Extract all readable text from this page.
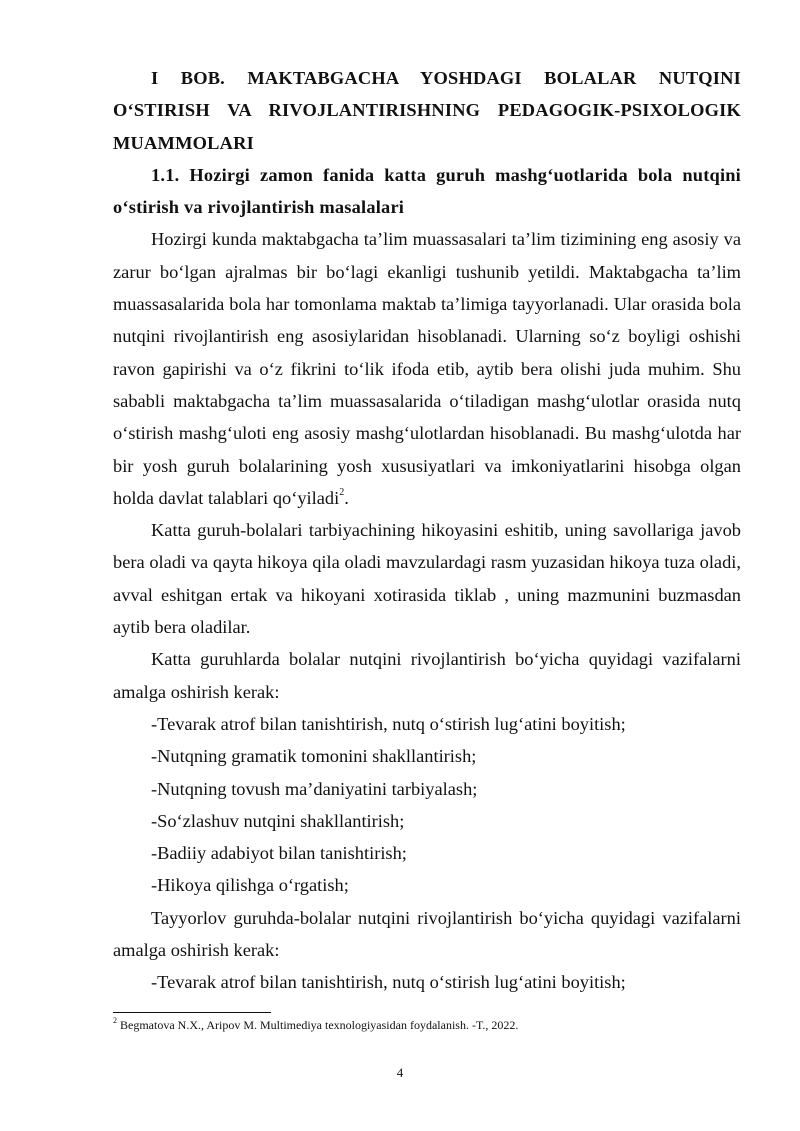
I BOB. MAKTABGACHA YOSHDAGI BOLALAR NUTQINI O‘STIRISH VA RIVOJLANTIRISHNING PEDAGOGIK-PSIXOLOGIK MUAMMOLARI

1.1. Hozirgi zamon fanida katta guruh mashg‘uotlarida bola nutqini o‘stirish va rivojlantirish masalalari

Hozirgi kunda maktabgacha ta’lim muassasalari ta’lim tizimining eng asosiy va zarur bo‘lgan ajralmas bir bo‘lagi ekanligi tushunib yetildi. Maktabgacha ta’lim muassasalarida bola har tomonlama maktab ta’limiga tayyorlanadi. Ular orasida bola nutqini rivojlantirish eng asosiylaridan hisoblanadi. Ularning so‘z boyligi oshishi ravon gapirishi va o‘z fikrini to‘lik ifoda etib, aytib bera olishi juda muhim. Shu sababli maktabgacha ta’lim muassasalarida o‘tiladigan mashg‘ulotlar orasida nutq o‘stirish mashg‘uloti eng asosiy mashg‘ulotlardan hisoblanadi. Bu mashg‘ulotda har bir yosh guruh bolalarining yosh xususiyatlari va imkoniyatlarini hisobga olgan holda davlat talablari qo‘yiladi$^2$.

Katta guruh-bolalari tarbiyachining hikoyasini eshitib, uning savollariga javob bera oladi va qayta hikoya qila oladi mavzulardagi rasm yuzasidan hikoya tuza oladi, avval eshitgan ertak va hikoyani xotirasida tiklab , uning mazmunini buzmasdan aytib bera oladilar.

Katta guruhlarda bolalar nutqini rivojlantirish bo‘yicha quyidagi vazifalarni amalga oshirish kerak:

-Tevarak atrof bilan tanishtirish, nutq o‘stirish lug‘atini boyitish;

-Nutqning gramatik tomonini shakllantirish;

-Nutqning tovush ma’daniyatini tarbiyalash;

-So‘zlashuv nutqini shakllantirish;

-Badiiy adabiyot bilan tanishtirish;

-Hikoya qilishga o‘rgatish;

Tayyorlov guruhda-bolalar nutqini rivojlantirish bo‘yicha quyidagi vazifalarni amalga oshirish kerak:

-Tevarak atrof bilan tanishtirish, nutq o‘stirish lug‘atini boyitish;

$^2$ Begmatova N.X., Aripov M. Multimediya texnologiyasidan foydalanish. -T., 2022.
4
